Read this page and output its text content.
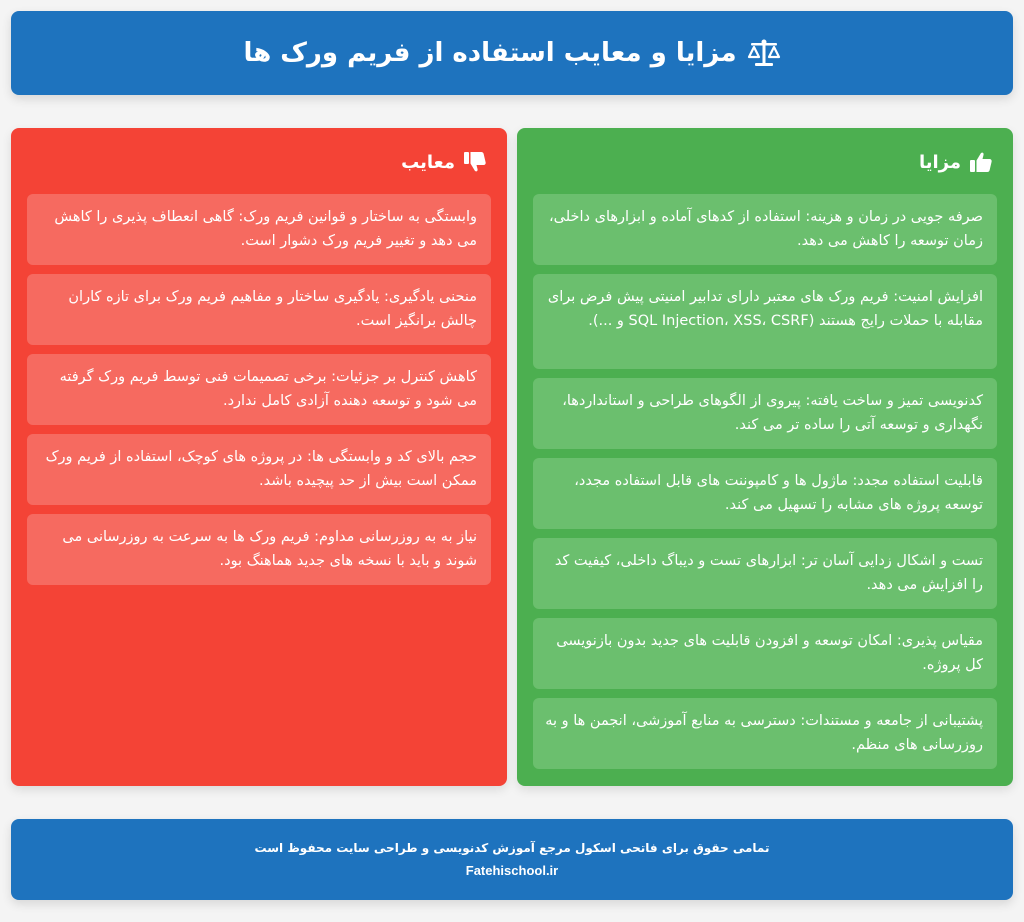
مزایا و معایب استفاده از فریم ورک ها
مزایا
صرفه جویی در زمان و هزینه: استفاده از کدهای آماده و ابزارهای داخلی، زمان توسعه را کاهش می دهد.
افزایش امنیت: فریم ورک های معتبر دارای تدابیر امنیتی پیش فرض برای مقابله با حملات رایج هستند (SQL Injection، XSS، CSRF و ...).
کدنویسی تمیز و ساخت یافته: پیروی از الگوهای طراحی و استانداردها، نگهداری و توسعه آتی را ساده تر می کند.
قابلیت استفاده مجدد: ماژول ها و کامپوننت های قابل استفاده مجدد، توسعه پروژه های مشابه را تسهیل می کند.
تست و اشکال زدایی آسان تر: ابزارهای تست و دیباگ داخلی، کیفیت کد را افزایش می دهد.
مقیاس پذیری: امکان توسعه و افزودن قابلیت های جدید بدون بازنویسی کل پروژه.
پشتیبانی از جامعه و مستندات: دسترسی به منابع آموزشی، انجمن ها و به روزرسانی های منظم.
معایب
وابستگی به ساختار و قوانین فریم ورک: گاهی انعطاف پذیری را کاهش می دهد و تغییر فریم ورک دشوار است.
منحنی یادگیری: یادگیری ساختار و مفاهیم فریم ورک برای تازه کاران چالش برانگیز است.
کاهش کنترل بر جزئیات: برخی تصمیمات فنی توسط فریم ورک گرفته می شود و توسعه دهنده آزادی کامل ندارد.
حجم بالای کد و وابستگی ها: در پروژه های کوچک، استفاده از فریم ورک ممکن است بیش از حد پیچیده باشد.
نیاز به به روزرسانی مداوم: فریم ورک ها به سرعت به روزرسانی می شوند و باید با نسخه های جدید هماهنگ بود.
تمامی حقوق برای فاتحی اسکول مرجع آموزش کدنویسی و طراحی سایت محفوظ است
Fatehischool.ir
